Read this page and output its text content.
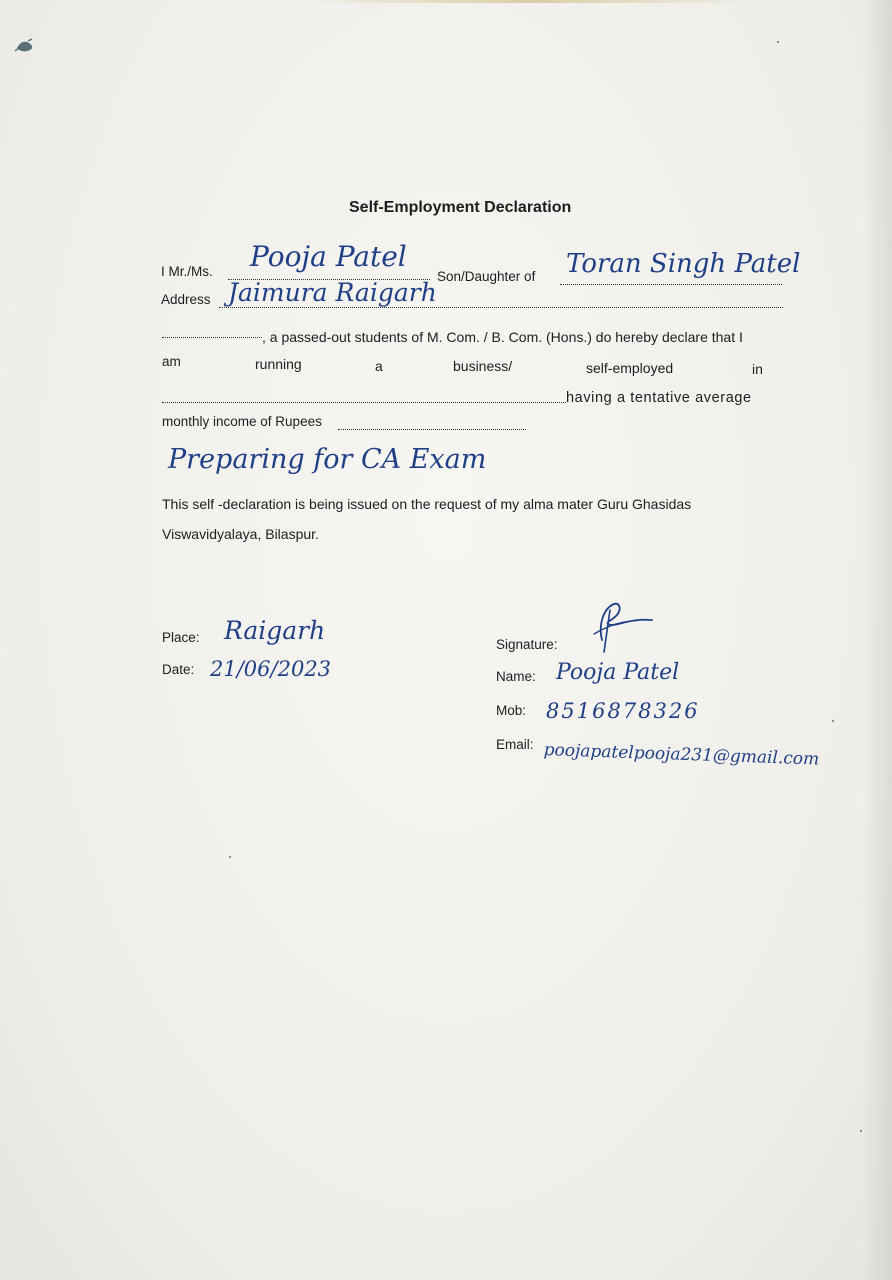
Self-Employment Declaration
I Mr./Ms. Pooja Patel
Son/Daughter of Toran Singh Patel
Address Jaimura Raigarh
, a passed-out students of M. Com. / B. Com. (Hons.) do hereby declare that I
am	running	a	business/	self-employed	in
having a tentative average
monthly income of Rupees
Preparing for CA Exam
This self -declaration is being issued on the request of my alma mater Guru Ghasidas
Viswavidyalaya, Bilaspur.
Place: Raigarh
Date: 21/06/2023
Signature:
Name: Pooja Patel
Mob: 8516878326
Email: poojapatelpooja231@gmail.com
